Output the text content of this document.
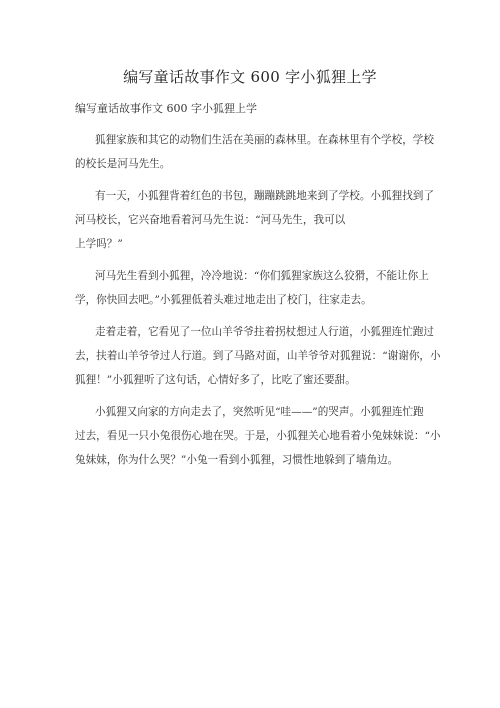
编写童话故事作文 600 字小狐狸上学
编写童话故事作文 600 字小狐狸上学

狐狸家族和其它的动物们生活在美丽的森林里。在森林里有个学校，学校
的校长是河马先生。

有一天，小狐狸背着红色的书包，蹦蹦跳跳地来到了学校。小狐狸找到了
河马校长，它兴奋地看着河马先生说：“河马先生，我可以
上学吗？”

河马先生看到小狐狸，冷冷地说：“你们狐狸家族这么狡猾，不能让你上
学，你快回去吧。”小狐狸低着头难过地走出了校门，往家走去。

走着走着，它看见了一位山羊爷爷拄着拐杖想过人行道，小狐狸连忙跑过
去，扶着山羊爷爷过人行道。到了马路对面，山羊爷爷对狐狸说：“谢谢你，小
狐狸！”小狐狸听了这句话，心情好多了，比吃了蜜还要甜。

小狐狸又向家的方向走去了，突然听见“哇——”的哭声。小狐狸连忙跑
过去，看见一只小兔很伤心地在哭。于是，小狐狸关心地看着小兔妹妹说：“小
兔妹妹，你为什么哭？”小兔一看到小狐狸，习惯性地躲到了墙角边。
